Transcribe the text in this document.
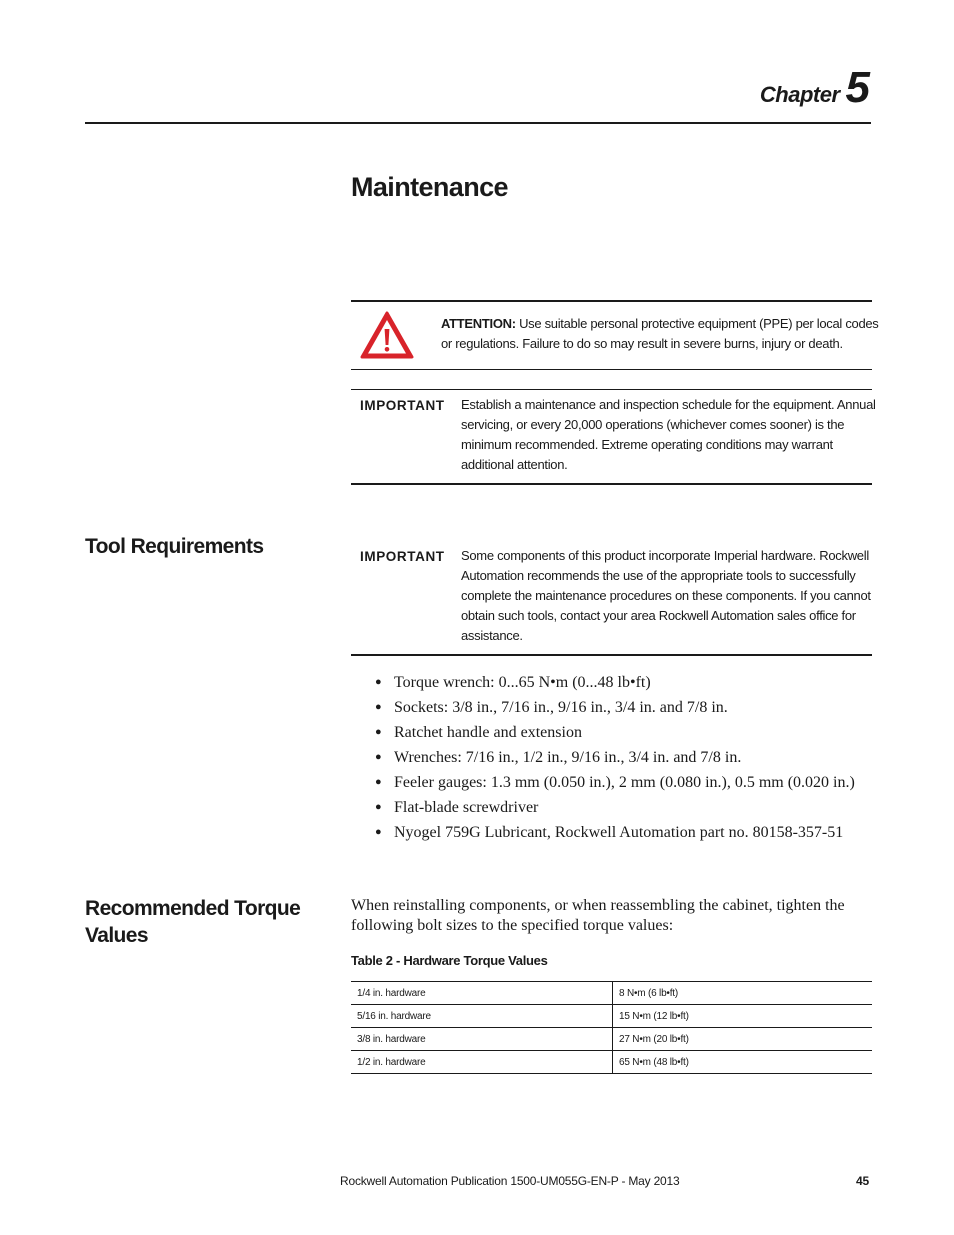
Chapter 5
Maintenance
ATTENTION: Use suitable personal protective equipment (PPE) per local codes
or regulations. Failure to do so may result in severe burns, injury or death.
IMPORTANT Establish a maintenance and inspection schedule for the equipment. Annual
servicing, or every 20,000 operations (whichever comes sooner) is the
minimum recommended. Extreme operating conditions may warrant
additional attention.
Tool Requirements	IMPORTANT Some components of this product incorporate Imperial hardware. Rockwell
Automation recommends the use of the appropriate tools to successfully
complete the maintenance procedures on these components. If you cannot
obtain such tools, contact your area Rockwell Automation sales office for
assistance.
● Torque wrench: 0...65 N•m (0...48 lb•ft)
● Sockets: 3/8 in., 7/16 in., 9/16 in., 3/4 in. and 7/8 in.
● Ratchet handle and extension
● Wrenches: 7/16 in., 1/2 in., 9/16 in., 3/4 in. and 7/8 in.
● Feeler gauges: 1.3 mm (0.050 in.), 2 mm (0.080 in.), 0.5 mm (0.020 in.)
● Flat-blade screwdriver
● Nyogel 759G Lubricant, Rockwell Automation part no. 80158-357-51
Recommended Torque
Values
When reinstalling components, or when reassembling the cabinet, tighten the
following bolt sizes to the specified torque values:
Table 2 - Hardware Torque Values
1/4 in. hardware	8 N•m (6 lb•ft)
5/16 in. hardware	15 N•m (12 lb•ft)
3/8 in. hardware	27 N•m (20 lb•ft)
1/2 in. hardware	65 N•m (48 lb•ft)
Rockwell Automation Publication 1500-UM055G-EN-P - May 2013	45
